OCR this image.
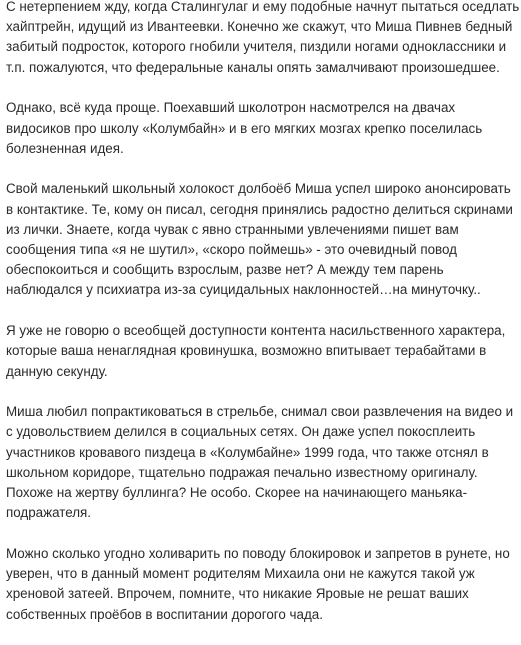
С нетерпением жду, когда Сталингулаг и ему подобные начнут пытаться оседлать
хайптрейн, идущий из Ивантеевки. Конечно же скажут, что Миша Пивнев бедный
забитый подросток, которого гнобили учителя, пиздили ногами одноклассники и
т.п. пожалуются, что федеральные каналы опять замалчивают произошедшее.

Однако, всё куда проще. Поехавший школотрон насмотрелся на двачах
видосиков про школу «Колумбайн» и в его мягких мозгах крепко поселилась
болезненная идея.

Свой маленький школьный холокост долбоёб Миша успел широко анонсировать
в контактике. Те, кому он писал, сегодня принялись радостно делиться скринами
из лички. Знаете, когда чувак с явно странными увлечениями пишет вам
сообщения типа «я не шутил», «скоро поймешь» - это очевидный повод
обеспокоиться и сообщить взрослым, разве нет? А между тем парень
наблюдался у психиатра из-за суицидальных наклонностей…на минуточку..

Я уже не говорю о всеобщей доступности контента насильственного характера,
которые ваша ненаглядная кровинушка, возможно впитывает терабайтами в
данную секунду.

Миша любил попрактиковаться в стрельбе, снимал свои развлечения на видео и
с удовольствием делился в социальных сетях. Он даже успел покосплеить
участников кровавого пиздеца в «Колумбайне» 1999 года, что также отснял в
школьном коридоре, тщательно подражая печально известному оригиналу.
Похоже на жертву буллинга? Не особо. Скорее на начинающего маньяка-
подражателя.

Можно сколько угодно холиварить по поводу блокировок и запретов в рунете, но
уверен, что в данный момент родителям Михаила они не кажутся такой уж
хреновой затеей. Впрочем, помните, что никакие Яровые не решат ваших
собственных проёбов в воспитании дорогого чада.
